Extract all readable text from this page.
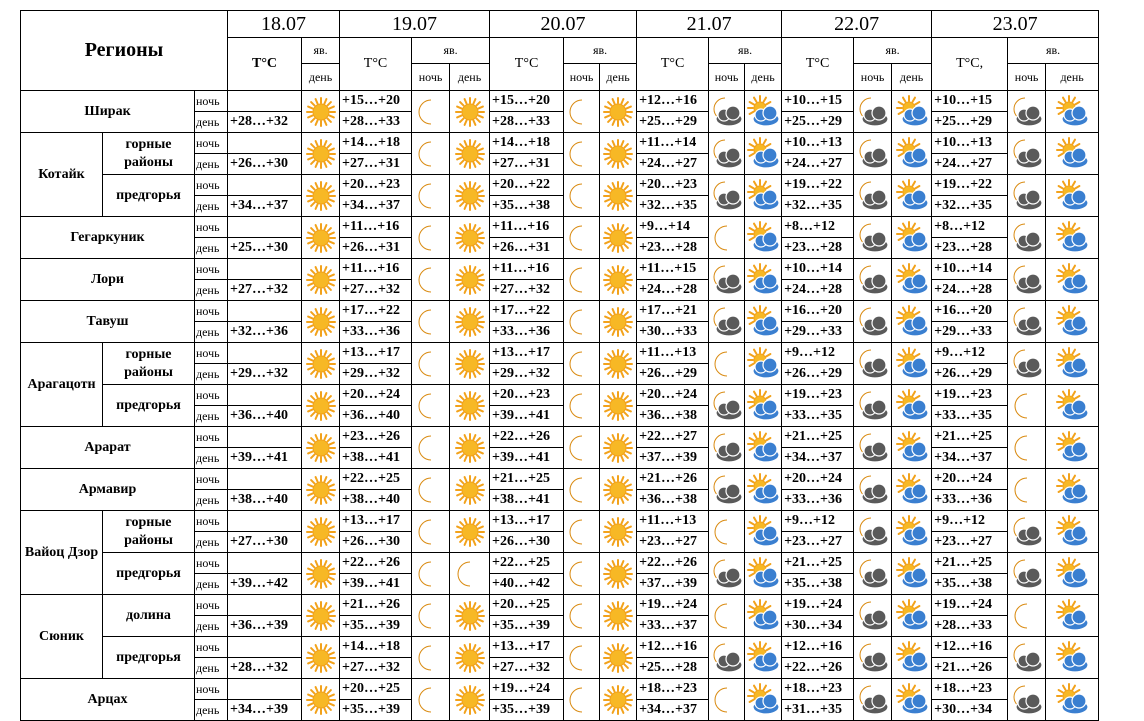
Регионы			18.07		19.07			20.07			21.07			22.07			23.07		
			T°C	яв.	T°C	яв.		T°C	яв.		T°C	яв.		T°C	яв.		T°C,	яв.	
				день		ночь	день		ночь	день		ночь	день		ночь	день		ночь	день
Ширак		ночь			+15…+20			+15…+20			+12…+16			+10…+15			+10…+15	

		день	+28…+32		+28…+33			+28…+33			+25…+29			+25…+29			+25…+29		
Котайк	горные районы	ночь			+14…+18			+14…+18			+11…+14			+10…+13			+10…+13	

		день	+26…+30		+27…+31			+27…+31			+24…+27			+24…+27			+24…+27		
	предгорья	ночь			+20…+23			+20…+22			+20…+23			+19…+22			+19…+22	

		день	+34…+37		+34…+37			+35…+38			+32…+35			+32…+35			+32…+35		
Гегаркуник		ночь			+11…+16			+11…+16			+9…+14			+8…+12			+8…+12	

		день	+25…+30		+26…+31			+26…+31			+23…+28			+23…+28			+23…+28		
Лори		ночь			+11…+16			+11…+16			+11…+15			+10…+14			+10…+14	

		день	+27…+32		+27…+32			+27…+32			+24…+28			+24…+28			+24…+28		
Тавуш		ночь			+17…+22			+17…+22			+17…+21			+16…+20			+16…+20	

		день	+32…+36		+33…+36			+33…+36			+30…+33			+29…+33			+29…+33		
Арагацотн	горные районы	ночь			+13…+17			+13…+17			+11…+13			+9…+12			+9…+12	

		день	+29…+32		+29…+32			+29…+32			+26…+29			+26…+29			+26…+29		
	предгорья	ночь			+20…+24			+20…+23			+20…+24			+19…+23			+19…+23	

		день	+36…+40		+36…+40			+39…+41			+36…+38			+33…+35			+33…+35		
Арарат		ночь			+23…+26			+22…+26			+22…+27			+21…+25			+21…+25	

		день	+39…+41		+38…+41			+39…+41			+37…+39			+34…+37			+34…+37		
Армавир		ночь			+22…+25			+21…+25			+21…+26			+20…+24			+20…+24	

		день	+38…+40		+38…+40			+38…+41			+36…+38			+33…+36			+33…+36		
Вайоц Дзор	горные районы	ночь			+13…+17			+13…+17			+11…+13			+9…+12			+9…+12	

		день	+27…+30		+26…+30			+26…+30			+23…+27			+23…+27			+23…+27		
	предгорья	ночь			+22…+26			+22…+25			+22…+26			+21…+25			+21…+25	

		день	+39…+42		+39…+41			+40…+42			+37…+39			+35…+38			+35…+38		
Сюник	долина	ночь			+21…+26			+20…+25			+19…+24			+19…+24			+19…+24	

		день	+36…+39		+35…+39			+35…+39			+33…+37			+30…+34			+28…+33		
	предгорья	ночь			+14…+18			+13…+17			+12…+16			+12…+16			+12…+16	

		день	+28…+32		+27…+32			+27…+32			+25…+28			+22…+26			+21…+26		
Арцах		ночь			+20…+25			+19…+24			+18…+23			+18…+23			+18…+23	

		день	+34…+39		+35…+39			+35…+39			+34…+37			+31…+35			+30…+34		
